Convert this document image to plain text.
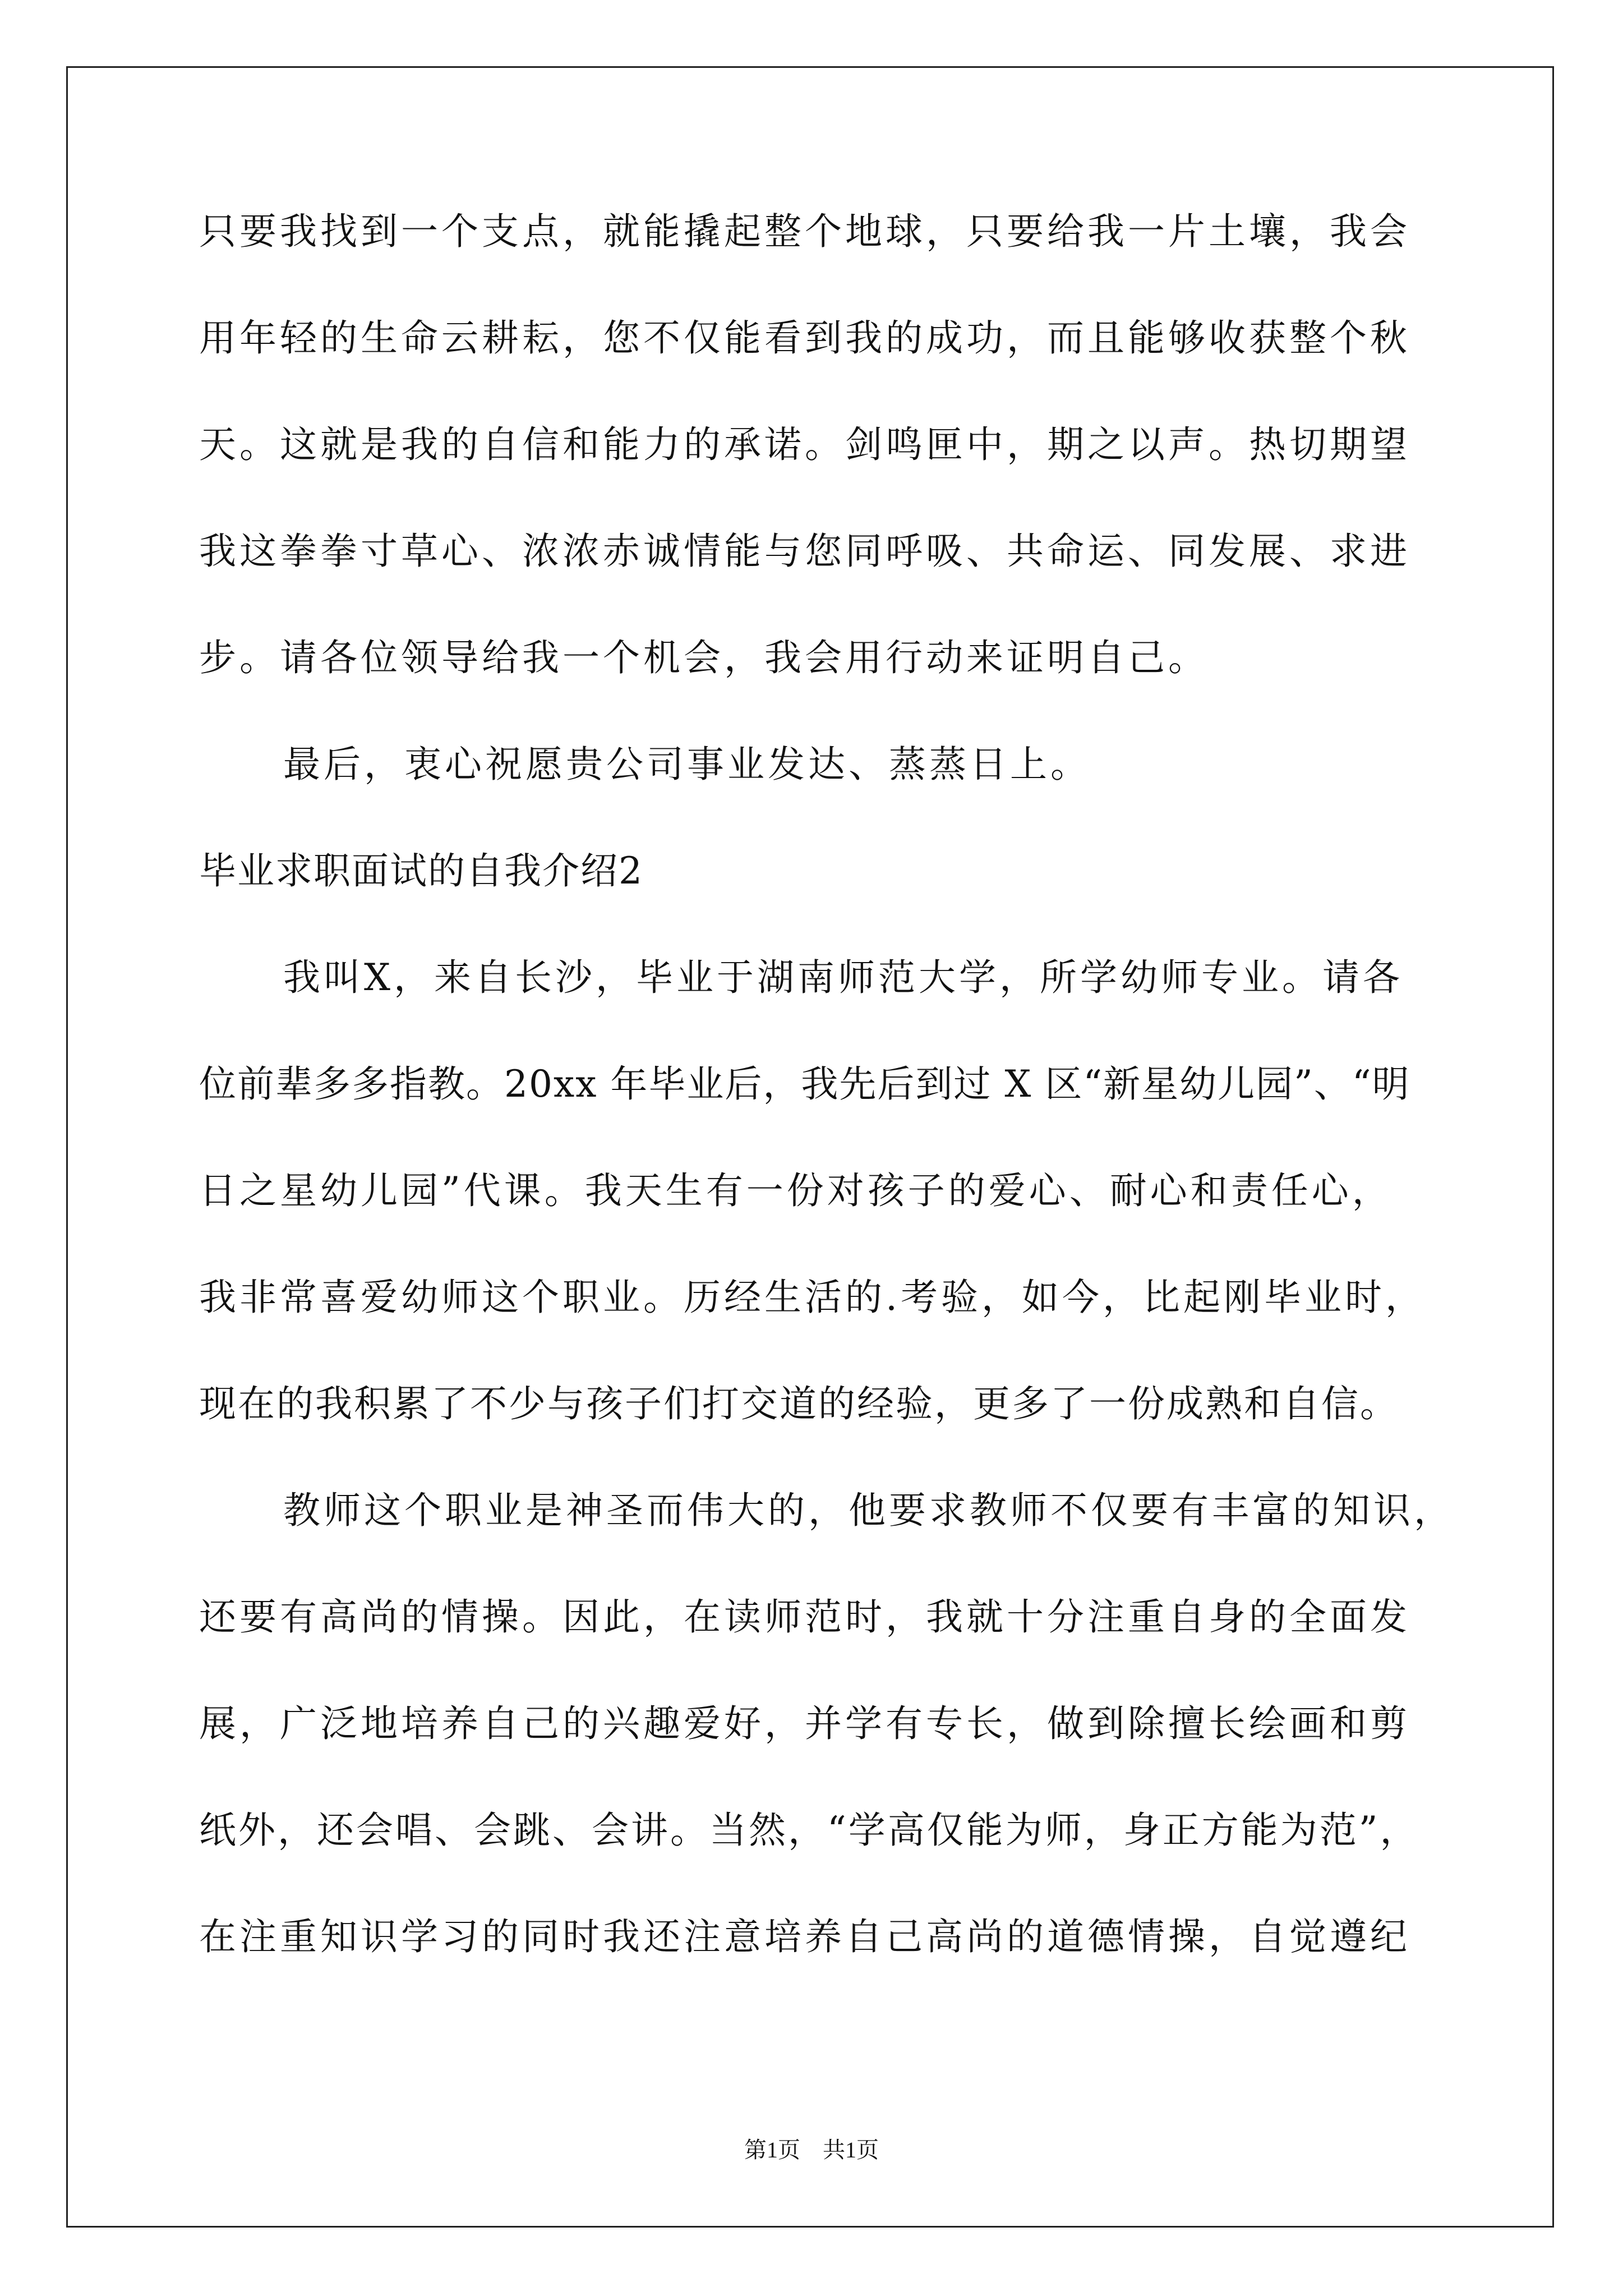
只要我找到一个支点，就能撬起整个地球，只要给我一片土壤，我会
用年轻的生命云耕耘，您不仅能看到我的成功，而且能够收获整个秋
天。这就是我的自信和能力的承诺。剑鸣匣中，期之以声。热切期望
我这拳拳寸草心、浓浓赤诚情能与您同呼吸、共命运、同发展、求进
步。请各位领导给我一个机会，我会用行动来证明自己。
最后，衷心祝愿贵公司事业发达、蒸蒸日上。
毕业求职面试的自我介绍2
我叫X，来自长沙，毕业于湖南师范大学，所学幼师专业。请各
位前辈多多指教。20xx 年毕业后，我先后到过 X 区“新星幼儿园”、“明
日之星幼儿园”代课。我天生有一份对孩子的爱心、耐心和责任心，
我非常喜爱幼师这个职业。历经生活的.考验，如今，比起刚毕业时，
现在的我积累了不少与孩子们打交道的经验，更多了一份成熟和自信。
教师这个职业是神圣而伟大的，他要求教师不仅要有丰富的知识，
还要有高尚的情操。因此，在读师范时，我就十分注重自身的全面发
展，广泛地培养自己的兴趣爱好，并学有专长，做到除擅长绘画和剪
纸外，还会唱、会跳、会讲。当然，“学高仅能为师，身正方能为范”，
在注重知识学习的同时我还注意培养自己高尚的道德情操，自觉遵纪
第1页 共1页
